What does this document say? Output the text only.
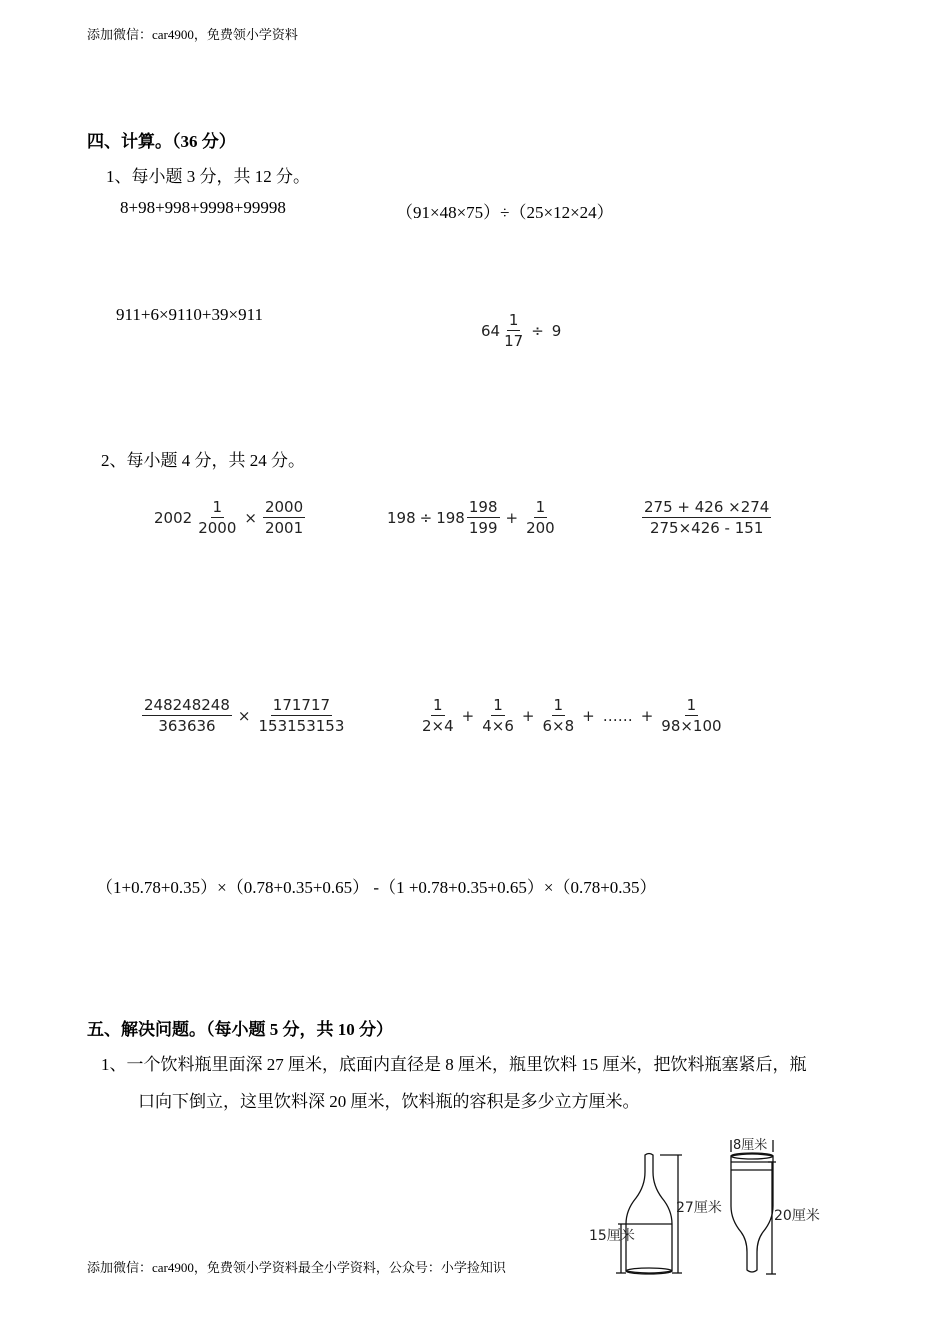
添加微信：car4900，免费领小学资料
四、计算。（36 分）
1、每小题 3 分，共 12 分。
8+98+998+9998+99998	（91×48×75）÷（25×12×24）
911+6×9110+39×911
$64 \frac{1}{17} \div 9$
2、每小题 4 分，共 24 分。
$2002 \frac{1}{2000} \times \frac{2000}{2001}$	$198 \div 198 \frac{198}{199} + \frac{1}{200}$	$\frac{275 + 426 \times 274}{275\times 426 - 151}$
$\frac{248248248}{363636} \times \frac{171717}{153153153}$	$\frac{1}{2\times 4} + \frac{1}{4\times 6} + \frac{1}{6\times 8}$ + …… + $\frac{1}{98\times 100}$
（1+0.78+0.35）×（0.78+0.35+0.65） -（1 +0.78+0.35+0.65）×（0.78+0.35）
五、解决问题。（每小题 5 分，共 10 分）
1、一个饮料瓶里面深 27 厘米，底面内直径是 8 厘米，瓶里饮料 15 厘米，把饮料瓶塞紧后，瓶
口向下倒立，这里饮料深 20 厘米，饮料瓶的容积是多少立方厘米。
27厘米
15厘米
8厘米
20厘米
添加微信：car4900，免费领小学资料最全小学资料，公众号：小学捡知识
